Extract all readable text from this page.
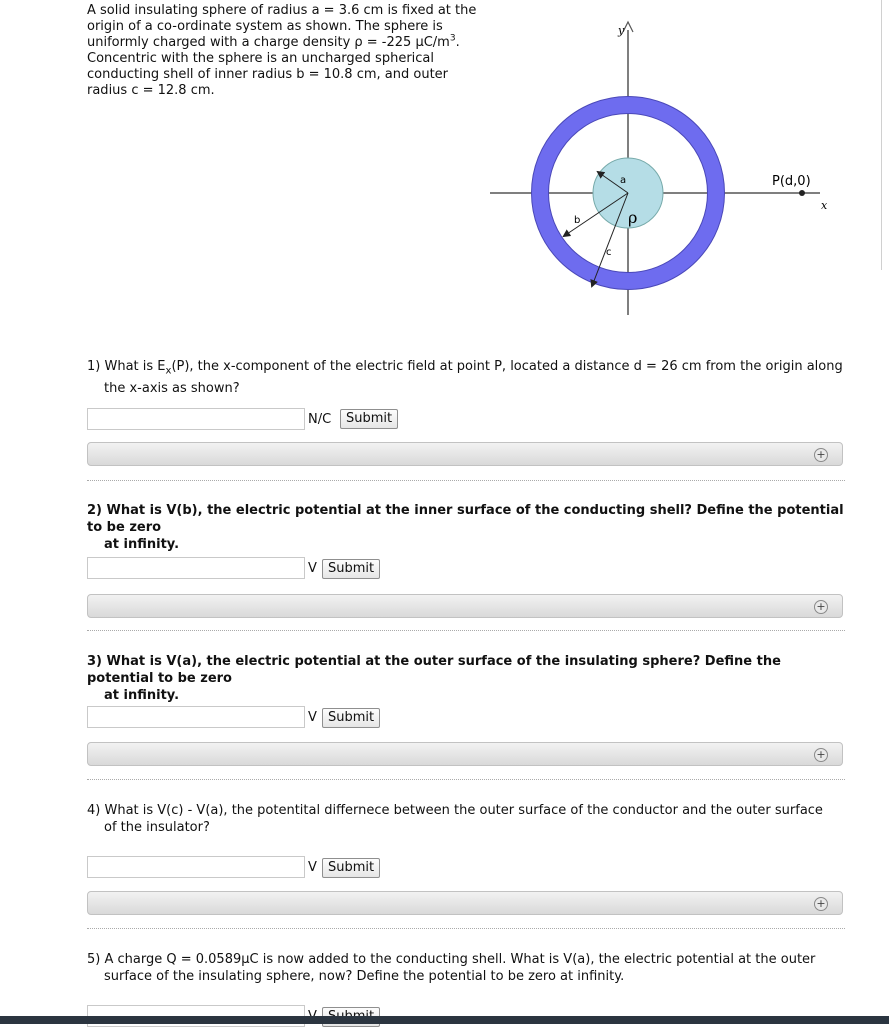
A solid insulating sphere of radius a = 3.6 cm is fixed at the
origin of a co-ordinate system as shown. The sphere is
uniformly charged with a charge density ρ = -225 $\mu C/m^3$.
Concentric with the sphere is an uncharged spherical
conducting shell of inner radius b = 10.8 cm, and outer
radius c = 12.8 cm.
a
b
c
ρ
y
x
P(d,0)
1) What is $E_x(P)$, the x-component of the electric field at point P, located a distance d = 26 cm from the origin along
the x-axis as shown?
N/C	Submit
+
2) What is V(b), the electric potential at the inner surface of the conducting shell? Define the potential to be zero
at infinity.
V Submit
+
3) What is V(a), the electric potential at the outer surface of the insulating sphere? Define the potential to be zero
at infinity.
V Submit
+
4) What is V(c) - V(a), the potentital differnece between the outer surface of the conductor and the outer surface
of the insulator?
V Submit
+
5) A charge Q = 0.0589μC is now added to the conducting shell. What is V(a), the electric potential at the outer
surface of the insulating sphere, now? Define the potential to be zero at infinity.
